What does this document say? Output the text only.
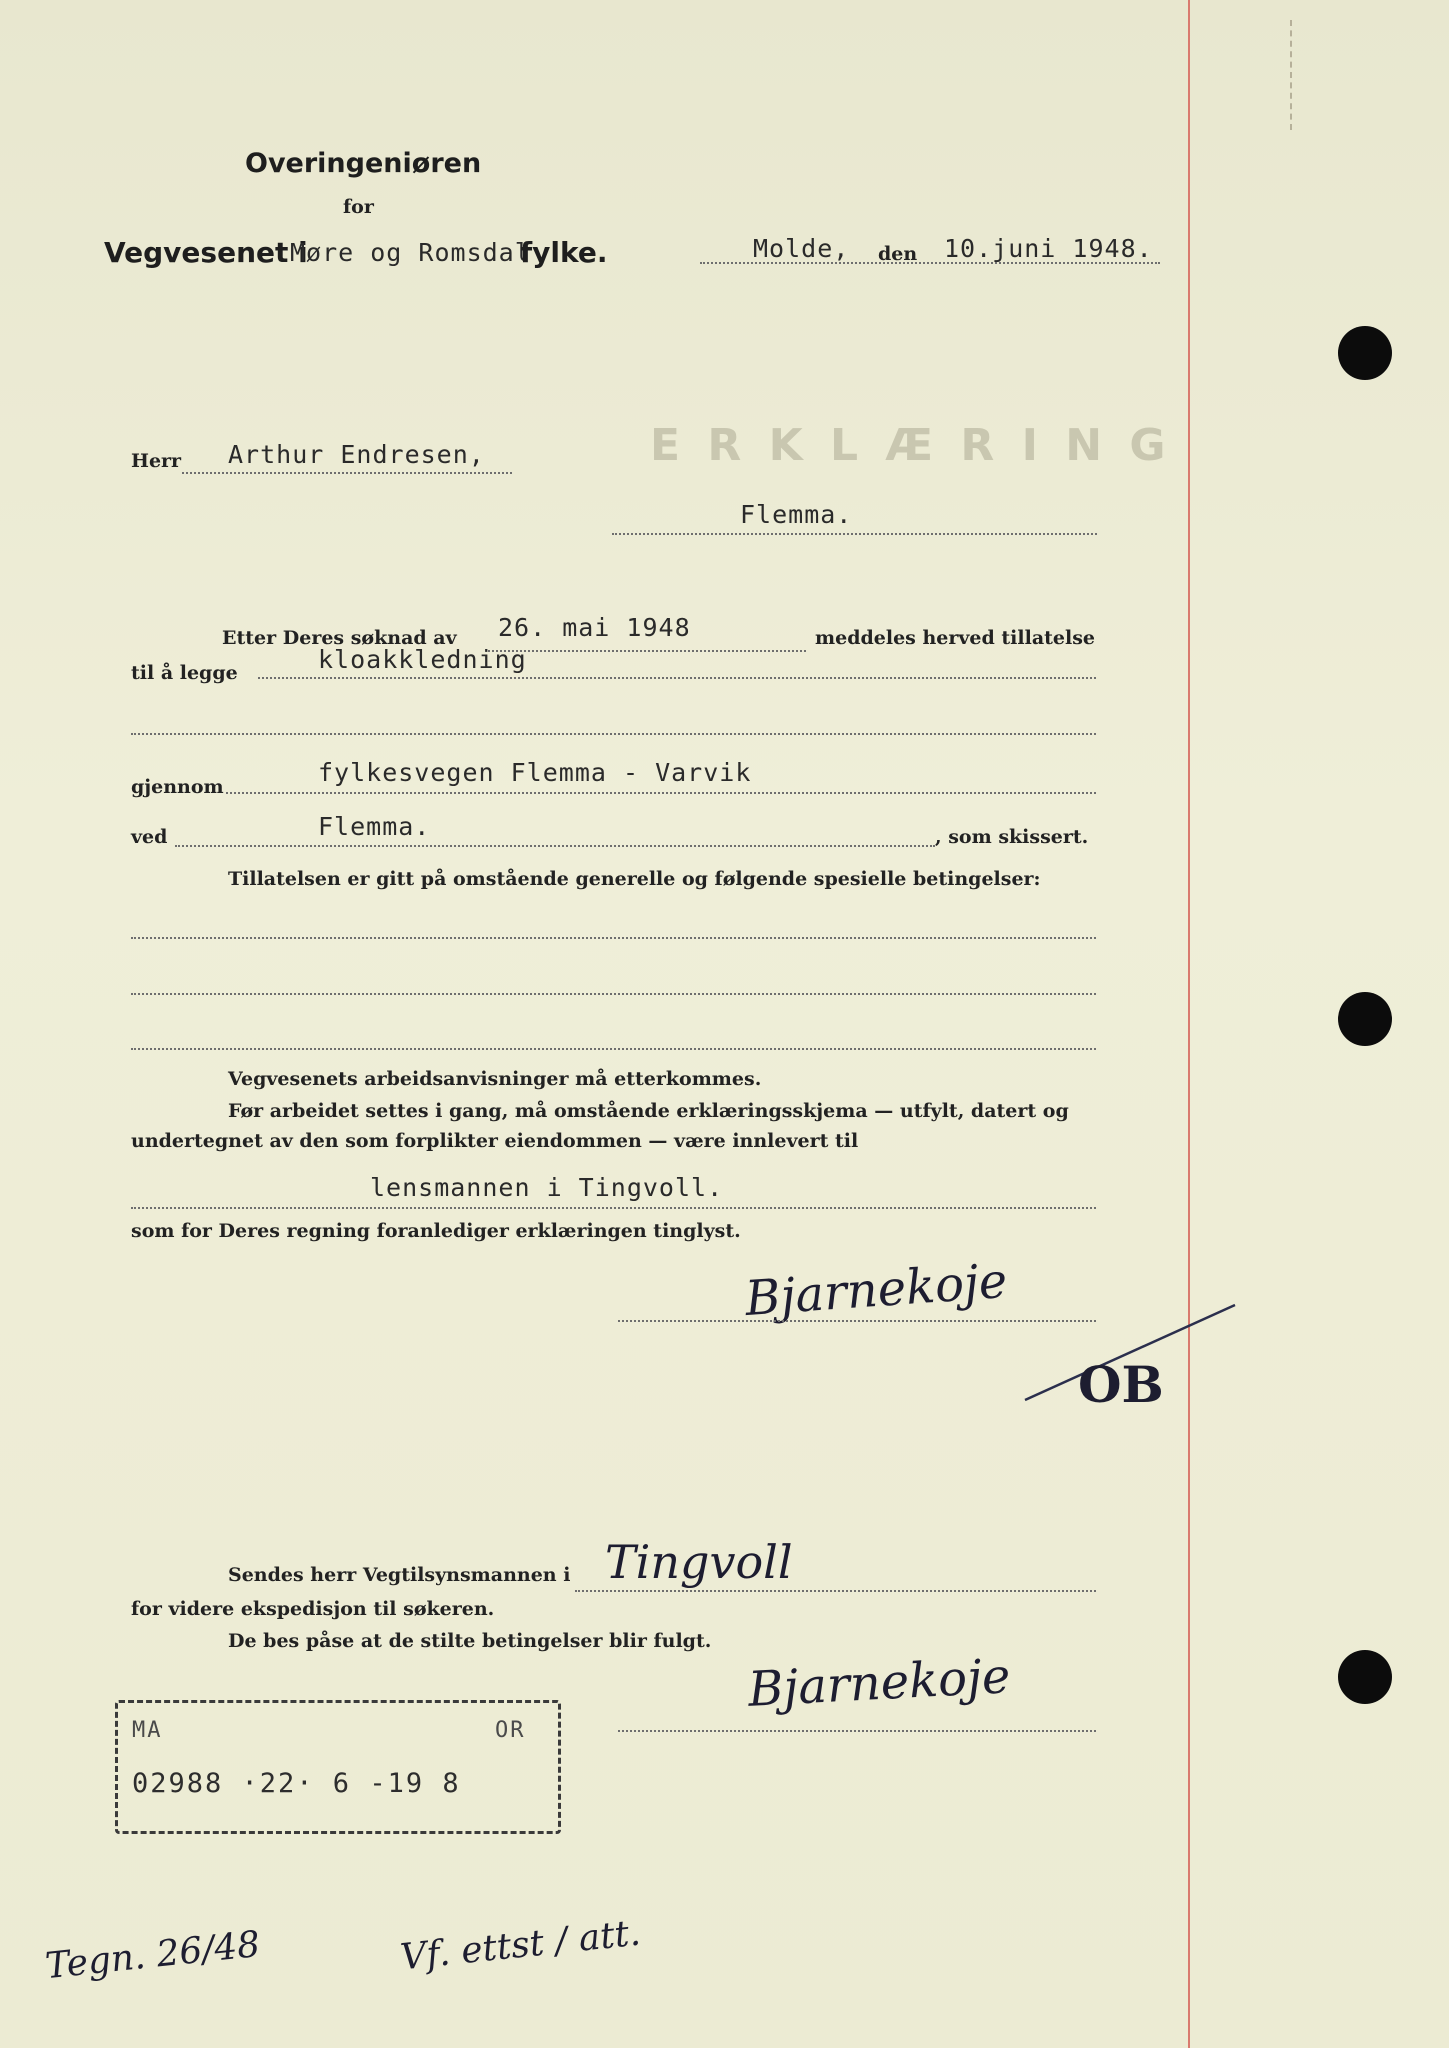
E R K L Æ R I N G
Overingeniøren
for
Vegvesenet i
Møre og Romsdal
fylke.	Molde, den 10.juni 1948.
Herr Arthur Endresen,
Flemma.
Etter Deres søknad av 26. mai 1948	meddeles herved tillatelse
til å legge	kloakkledning
gjennom	fylkesvegen Flemma - Varvik
ved	Flemma.	, som skissert.
Tillatelsen er gitt på omstående generelle og følgende spesielle betingelser:
Vegvesenets arbeidsanvisninger må etterkommes.
Før arbeidet settes i gang, må omstående erklæringsskjema — utfylt, datert og
undertegnet av den som forplikter eiendommen — være innlevert til
lensmannen i Tingvoll.
som for Deres regning foranlediger erklæringen tinglyst.
Bjarnekoje
OB
Sendes herr Vegtilsynsmannen i Tingvoll
for videre ekspedisjon til søkeren.
De bes påse at de stilte betingelser blir fulgt.
Bjarnekoje
MA	OR
02988 ·22· 6 -19 8
Tegn. 26/48	Vf. ettst / att.
